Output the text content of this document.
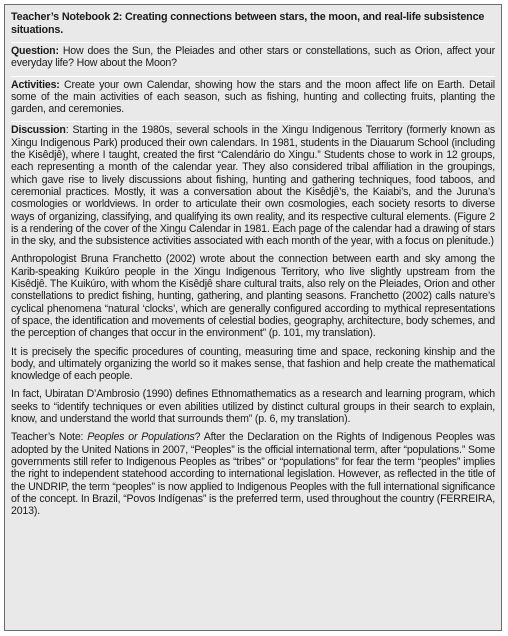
Teacher’s Notebook 2: Creating connections between stars, the moon, and real-life subsistence situations.
Question: How does the Sun, the Pleiades and other stars or constellations, such as Orion, affect your everyday life? How about the Moon?
Activities: Create your own Calendar, showing how the stars and the moon affect life on Earth. Detail some of the main activities of each season, such as fishing, hunting and collecting fruits, planting the garden, and ceremonies.
Discussion: Starting in the 1980s, several schools in the Xingu Indigenous Territory (formerly known as Xingu Indigenous Park) produced their own calendars. In 1981, students in the Diauarum School (including the Kisêdjê), where I taught, created the first “Calendário do Xingu.” Students chose to work in 12 groups, each representing a month of the calendar year. They also considered tribal affiliation in the groupings, which gave rise to lively discussions about fishing, hunting and gathering techniques, food taboos, and ceremonial practices. Mostly, it was a conversation about the Kisêdjê’s, the Kaiabi’s, and the Juruna’s cosmologies or worldviews. In order to articulate their own cosmologies, each society resorts to diverse ways of organizing, classifying, and qualifying its own reality, and its respective cultural elements. (Figure 2 is a rendering of the cover of the Xingu Calendar in 1981. Each page of the calendar had a drawing of stars in the sky, and the subsistence activities associated with each month of the year, with a focus on plenitude.)
Anthropologist Bruna Franchetto (2002) wrote about the connection between earth and sky among the Karib-speaking Kuikúro people in the Xingu Indigenous Territory, who live slightly upstream from the Kisêdjê. The Kuikúro, with whom the Kisêdjê share cultural traits, also rely on the Pleiades, Orion and other constellations to predict fishing, hunting, gathering, and planting seasons. Franchetto (2002) calls nature’s cyclical phenomena “natural ‘clocks’, which are generally configured according to mythical representations of space, the identification and movements of celestial bodies, geography, architecture, body schemes, and the perception of changes that occur in the environment” (p. 101, my translation).
It is precisely the specific procedures of counting, measuring time and space, reckoning kinship and the body, and ultimately organizing the world so it makes sense, that fashion and help create the mathematical knowledge of each people.
In fact, Ubiratan D’Ambrosio (1990) defines Ethnomathematics as a research and learning program, which seeks to “identify techniques or even abilities utilized by distinct cultural groups in their search to explain, know, and understand the world that surrounds them” (p. 6, my translation).
Teacher’s Note: Peoples or Populations? After the Declaration on the Rights of Indigenous Peoples was adopted by the United Nations in 2007, “Peoples” is the official international term, after “populations.” Some governments still refer to Indigenous Peoples as “tribes” or “populations” for fear the term “peoples” implies the right to independent statehood according to international legislation. However, as reflected in the title of the UNDRIP, the term “peoples” is now applied to Indigenous Peoples with the full international significance of the concept. In Brazil, “Povos Indígenas” is the preferred term, used throughout the country (FERREIRA, 2013).
